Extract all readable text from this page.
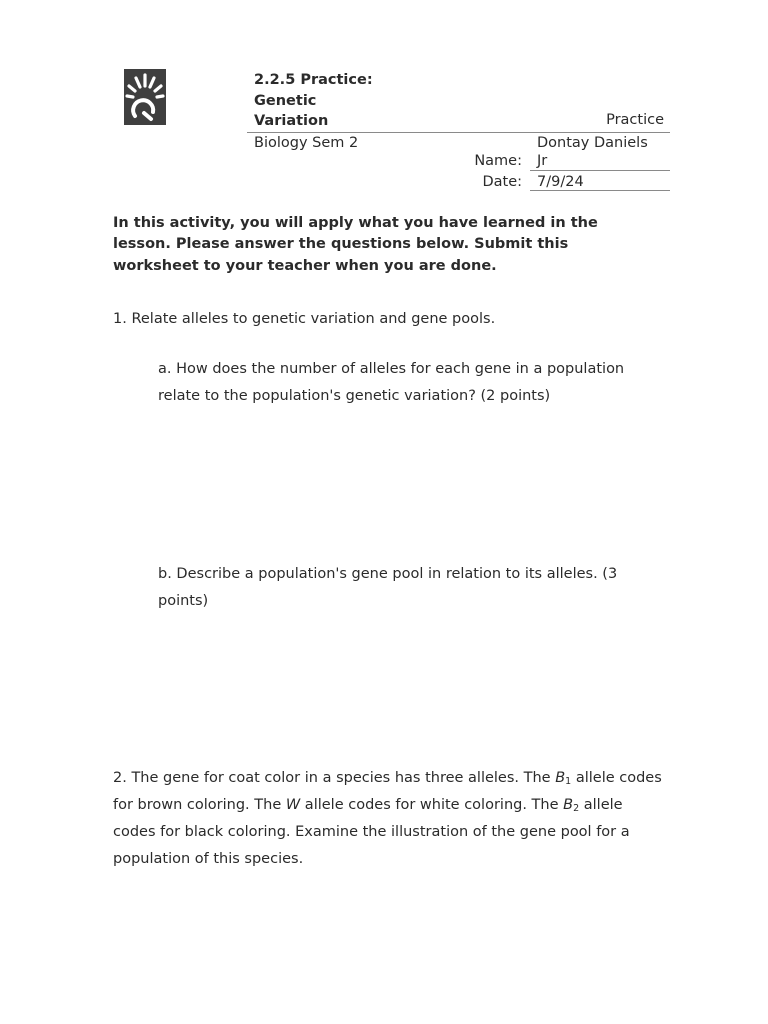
2.2.5 Practice:
Genetic
Variation	Practice
Biology Sem 2	Dontay Daniels
Name: Jr
Date: 7/9/24
In this activity, you will apply what you have learned in the lesson. Please answer the questions below. Submit this worksheet to your teacher when you are done.
1. Relate alleles to genetic variation and gene pools.
a. How does the number of alleles for each gene in a population relate to the population's genetic variation? (2 points)
b. Describe a population's gene pool in relation to its alleles. (3 points)
2. The gene for coat color in a species has three alleles. The $B_1$ allele codes for brown coloring. The W allele codes for white coloring. The $B_2$ allele codes for black coloring. Examine the illustration of the gene pool for a population of this species.
